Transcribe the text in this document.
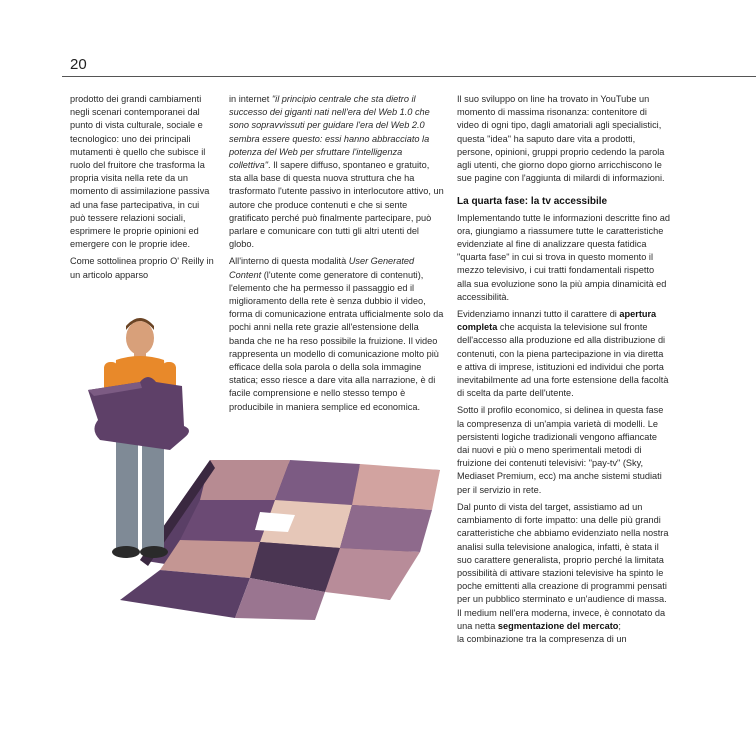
20

prodotto dei grandi cambiamenti negli scenari contemporanei dal punto di vista culturale, sociale e tecnologico: uno dei principali mutamenti è quello che subisce il ruolo del fruitore che trasforma la propria visita nella rete da un momento di assimilazione passiva ad una fase partecipativa, in cui può tessere relazioni sociali, esprimere le proprie opinioni ed emergere con le proprie idee.

Come sottolinea proprio O' Reilly in un articolo apparso

in internet "il principio centrale che sta dietro il successo dei giganti nati nell'era del Web 1.0 che sono sopravvissuti per guidare l'era del Web 2.0 sembra essere questo: essi hanno abbracciato la potenza del Web per sfruttare l'intelligenza collettiva". Il sapere diffuso, spontaneo e gratuito, sta alla base di questa nuova struttura che ha trasformato l'utente passivo in interlocutore attivo, un autore che produce contenuti e che si sente gratificato perché può finalmente partecipare, può parlare e comunicare con tutti gli altri utenti del globo.

All'interno di questa modalità User Generated Content (l'utente come generatore di contenuti), l'elemento che ha permesso il passaggio ed il miglioramento della rete è senza dubbio il video, forma di comunicazione entrata ufficialmente solo da pochi anni nella rete grazie all'estensione della banda che ne ha reso possibile la fruizione. Il video rappresenta un modello di comunicazione molto più efficace della sola parola o della sola immagine statica; esso riesce a dare vita alla narrazione, è di facile comprensione e nello stesso tempo è producibile in maniera semplice ed economica.

Il suo sviluppo on line ha trovato in YouTube un momento di massima risonanza: contenitore di video di ogni tipo, dagli amatoriali agli specialistici, questa "idea" ha saputo dare vita a prodotti, persone, opinioni, gruppi proprio cedendo la parola agli utenti, che giorno dopo giorno arricchiscono le sue pagine con l'aggiunta di milardi di informazioni.

La quarta fase: la tv accessibile

Implementando tutte le informazioni descritte fino ad ora, giungiamo a riassumere tutte le caratteristiche evidenziate al fine di analizzare questa fatidica "quarta fase" in cui si trova in questo momento il mezzo televisivo, i cui tratti fondamentali rispetto alla sua evoluzione sono la più ampia dinamicità ed accessibilità.

Evidenziamo innanzi tutto il carattere di apertura completa che acquista la televisione sul fronte dell'accesso alla produzione ed alla distribuzione di contenuti, con la piena partecipazione in via diretta e attiva di imprese, istituzioni ed individui che porta inevitabilmente ad una forte estensione della facoltà di scelta da parte dell'utente.

Sotto il profilo economico, si delinea in questa fase la compresenza di un'ampia varietà di modelli. Le persistenti logiche tradizionali vengono affiancate dai nuovi e più o meno sperimentali metodi di fruizione dei contenuti televisivi: "pay-tv" (Sky, Mediaset Premium, ecc) ma anche sistemi studiati per il servizio in rete.

Dal punto di vista del target, assistiamo ad un cambiamento di forte impatto: una delle più grandi caratteristiche che abbiamo evidenziato nella nostra analisi sulla televisione analogica, infatti, è stata il suo carattere generalista, proprio perché la limitata possibilità di attivare stazioni televisive ha spinto le poche emittenti alla creazione di programmi pensati per un pubblico sterminato e un'audience di massa. Il medium nell'era moderna, invece, è connotato da una netta segmentazione del mercato;
la combinazione tra la compresenza di un
